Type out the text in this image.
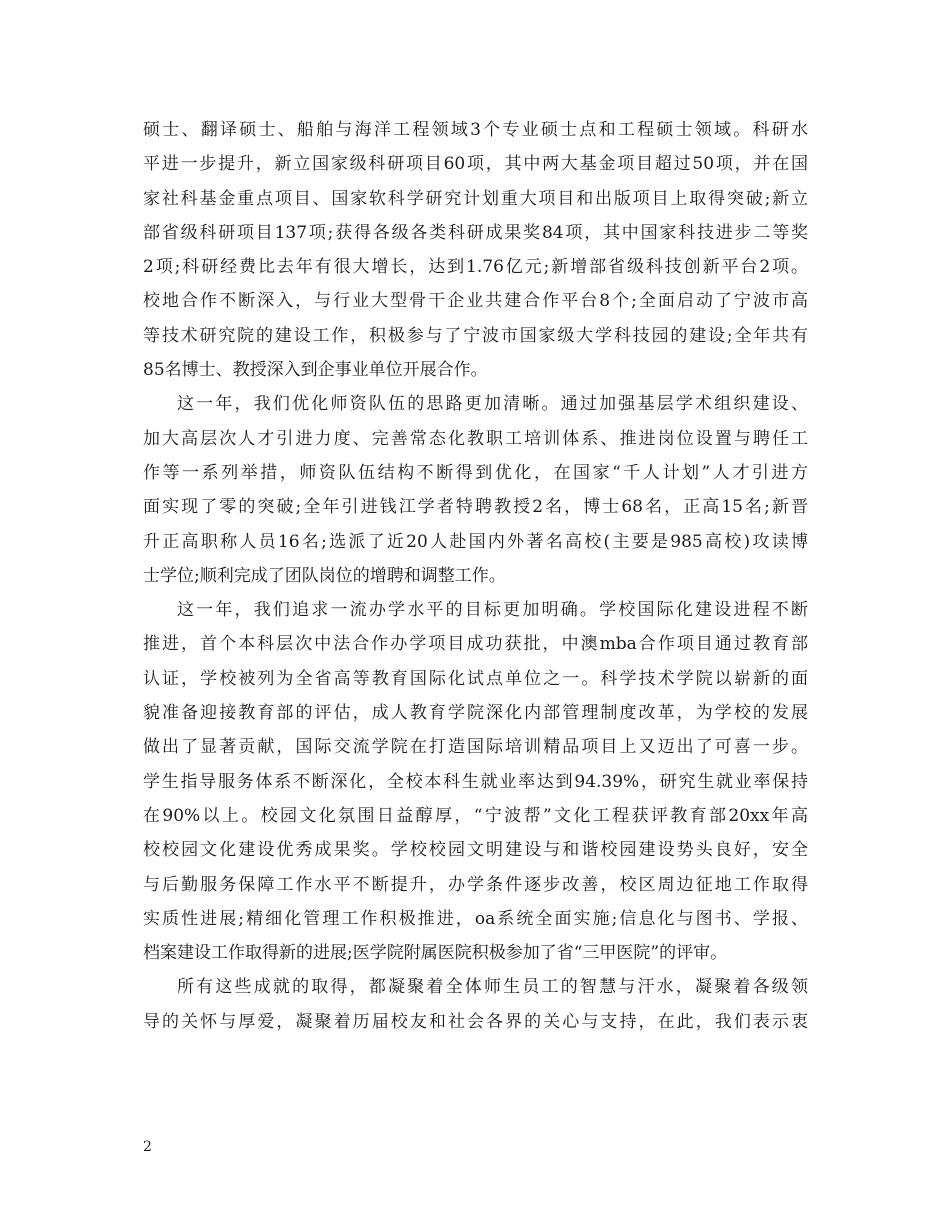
硕士、翻译硕士、船舶与海洋工程领域3个专业硕士点和工程硕士领域。科研水
平进一步提升，新立国家级科研项目60项，其中两大基金项目超过50项，并在国
家社科基金重点项目、国家软科学研究计划重大项目和出版项目上取得突破;新立
部省级科研项目137项;获得各级各类科研成果奖84项，其中国家科技进步二等奖
2项;科研经费比去年有很大增长，达到1.76亿元;新增部省级科技创新平台2项。
校地合作不断深入，与行业大型骨干企业共建合作平台8个;全面启动了宁波市高
等技术研究院的建设工作，积极参与了宁波市国家级大学科技园的建设;全年共有
85名博士、教授深入到企事业单位开展合作。
这一年，我们优化师资队伍的思路更加清晰。通过加强基层学术组织建设、
加大高层次人才引进力度、完善常态化教职工培训体系、推进岗位设置与聘任工
作等一系列举措，师资队伍结构不断得到优化，在国家“千人计划”人才引进方
面实现了零的突破;全年引进钱江学者特聘教授2名，博士68名，正高15名;新晋
升正高职称人员16名;选派了近20人赴国内外著名高校(主要是985高校)攻读博
士学位;顺利完成了团队岗位的增聘和调整工作。
这一年，我们追求一流办学水平的目标更加明确。学校国际化建设进程不断
推进，首个本科层次中法合作办学项目成功获批，中澳mba合作项目通过教育部
认证，学校被列为全省高等教育国际化试点单位之一。科学技术学院以崭新的面
貌准备迎接教育部的评估，成人教育学院深化内部管理制度改革，为学校的发展
做出了显著贡献，国际交流学院在打造国际培训精品项目上又迈出了可喜一步。
学生指导服务体系不断深化，全校本科生就业率达到94.39%，研究生就业率保持
在90%以上。校园文化氛围日益醇厚，“宁波帮”文化工程获评教育部20xx年高
校校园文化建设优秀成果奖。学校校园文明建设与和谐校园建设势头良好，安全
与后勤服务保障工作水平不断提升，办学条件逐步改善，校区周边征地工作取得
实质性进展;精细化管理工作积极推进，oa系统全面实施;信息化与图书、学报、
档案建设工作取得新的进展;医学院附属医院积极参加了省“三甲医院”的评审。
所有这些成就的取得，都凝聚着全体师生员工的智慧与汗水，凝聚着各级领
导的关怀与厚爱，凝聚着历届校友和社会各界的关心与支持，在此，我们表示衷
2
